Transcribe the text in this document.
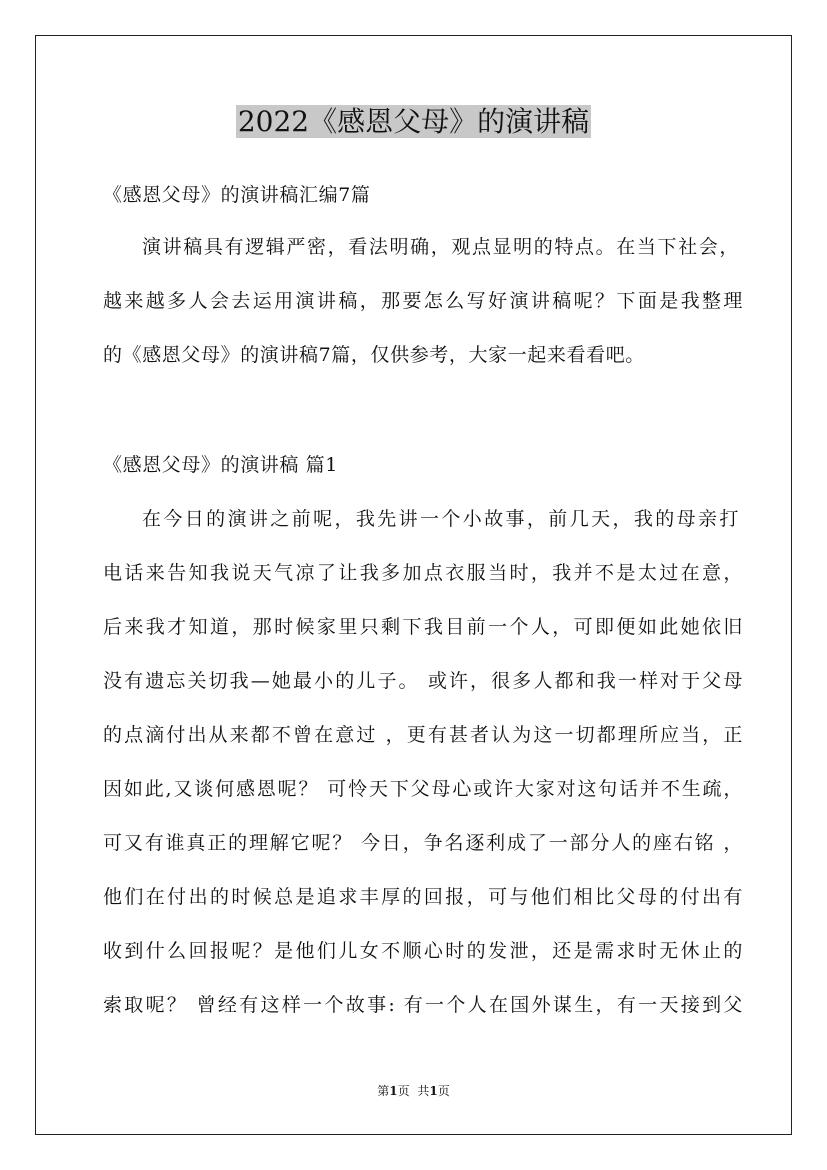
2022《感恩父母》的演讲稿
《感恩父母》的演讲稿汇编7篇
演讲稿具有逻辑严密，看法明确，观点显明的特点。在当下社会，
越来越多人会去运用演讲稿，那要怎么写好演讲稿呢？下面是我整理
的《感恩父母》的演讲稿7篇，仅供参考，大家一起来看看吧。
《感恩父母》的演讲稿 篇1
在今日的演讲之前呢，我先讲一个小故事，前几天，我的母亲打
电话来告知我说天气凉了让我多加点衣服当时，我并不是太过在意，
后来我才知道，那时候家里只剩下我目前一个人，可即便如此她依旧
没有遗忘关切我—她最小的儿子。 或许，很多人都和我一样对于父母
的点滴付出从来都不曾在意过 ，更有甚者认为这一切都理所应当，正
因如此,又谈何感恩呢？ 可怜天下父母心或许大家对这句话并不生疏，
可又有谁真正的理解它呢？ 今日，争名逐利成了一部分人的座右铭 ，
他们在付出的时候总是追求丰厚的回报，可与他们相比父母的付出有
收到什么回报呢？是他们儿女不顺心时的发泄，还是需求时无休止的
索取呢？ 曾经有这样一个故事: 有一个人在国外谋生，有一天接到父
第1页 共1页
